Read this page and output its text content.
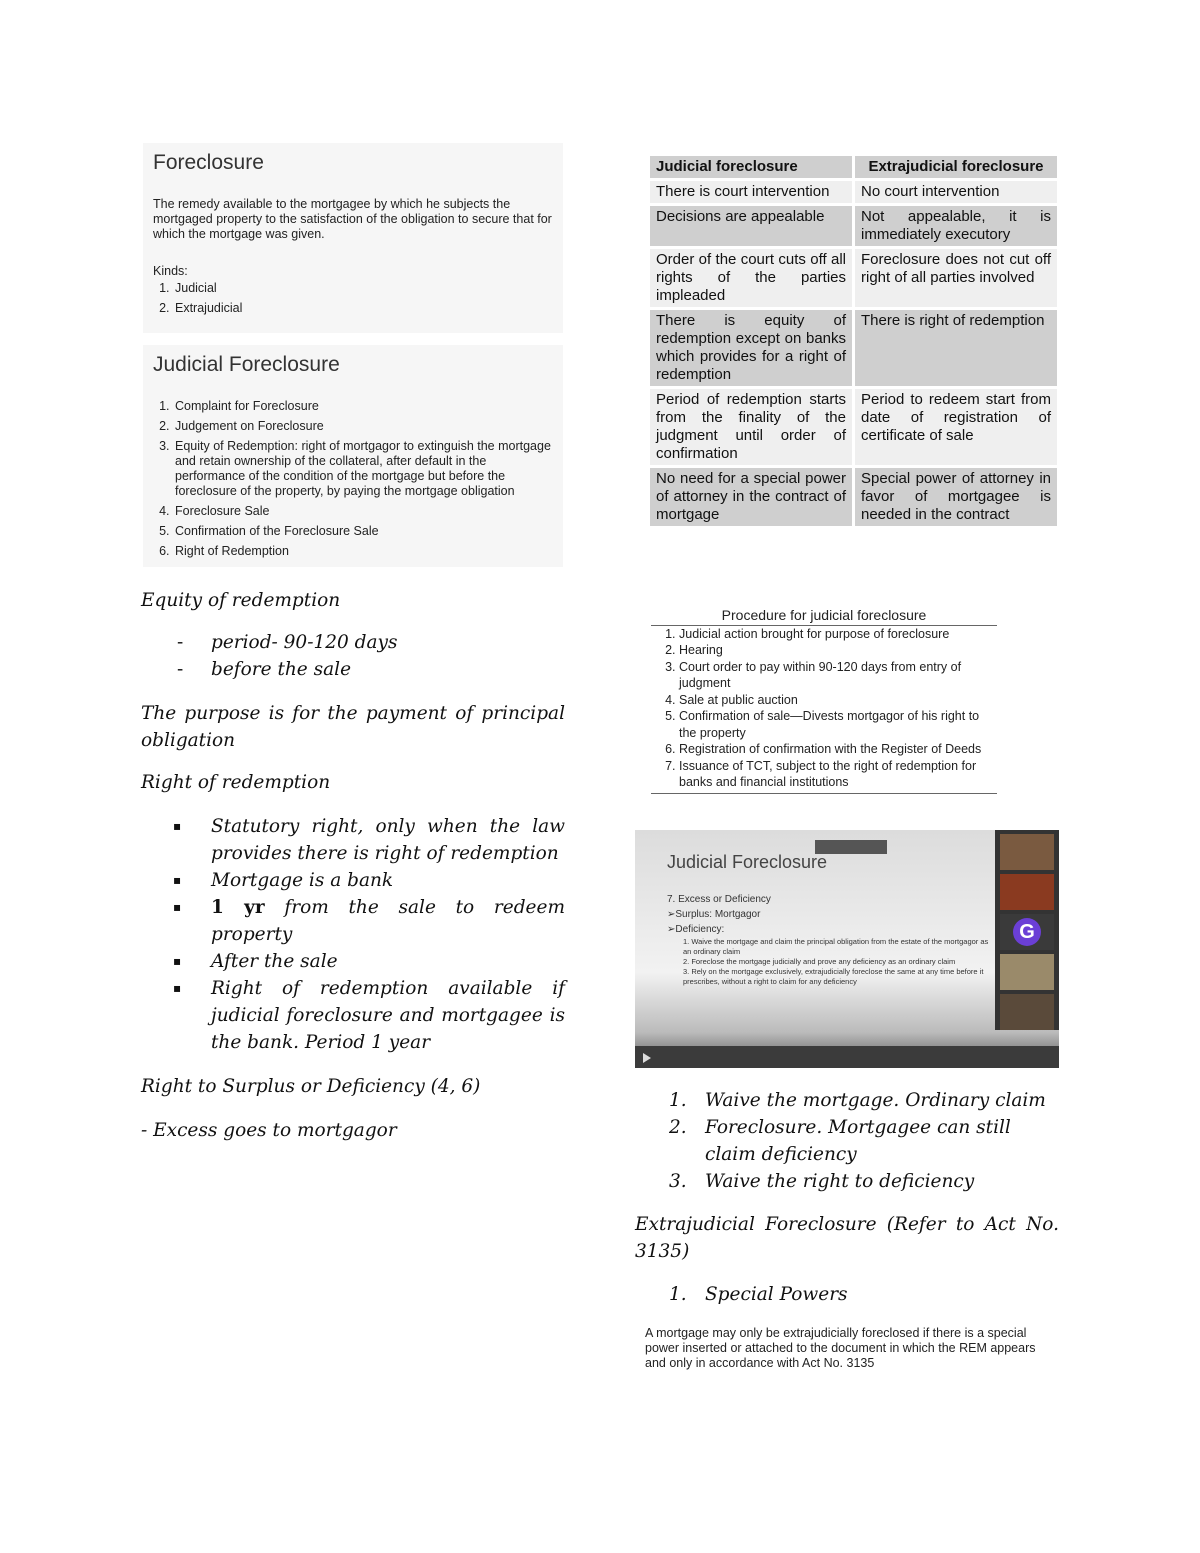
Foreclosure

The remedy available to the mortgagee by which he subjects the mortgaged property to the satisfaction of the obligation to secure that for which the mortgage was given.

Kinds:
1. Judicial
2. Extrajudicial
Judicial Foreclosure
1. Complaint for Foreclosure
2. Judgement on Foreclosure
3. Equity of Redemption: right of mortgagor to extinguish the mortgage and retain ownership of the collateral, after default in the performance of the condition of the mortgage but before the foreclosure of the property, by paying the mortgage obligation
4. Foreclosure Sale
5. Confirmation of the Foreclosure Sale
6. Right of Redemption

Equity of redemption

- period- 90-120 days
- before the sale

The purpose is for the payment of principal obligation

Right of redemption

▪ Statutory right, only when the law provides there is right of redemption
▪ Mortgage is a bank
▪ 1 yr from the sale to redeem property
▪ After the sale
▪ Right of redemption available if judicial foreclosure and mortgagee is the bank. Period 1 year

Right to Surplus or Deficiency (4, 6)

- Excess goes to mortgagor

Judicial foreclosure	Extrajudicial foreclosure
There is court intervention	No court intervention
Decisions are appealable	Not appealable, it is immediately executory
Order of the court cuts off all rights of the parties impleaded	Foreclosure does not cut off right of all parties involved
There is equity of redemption except on banks which provides for a right of redemption	There is right of redemption
Period of redemption starts from the finality of the judgment until order of confirmation	Period to redeem start from date of registration of certificate of sale
No need for a special power of attorney in the contract of mortgage	Special power of attorney in favor of mortgagee is needed in the contract
Procedure for judicial foreclosure
1. Judicial action brought for purpose of foreclosure
2. Hearing
3. Court order to pay within 90-120 days from entry of judgment
4. Sale at public auction
5. Confirmation of sale—Divests mortgagor of his right to the property
6. Registration of confirmation with the Register of Deeds
7. Issuance of TCT, subject to the right of redemption for banks and financial institutions
Judicial Foreclosure
7. Excess or Deficiency
➢Surplus: Mortgagor
➢Deficiency:
1. Waive the mortgage and claim the principal obligation from the estate of the mortgagor as an ordinary claim
2. Foreclose the mortgage judicially and prove any deficiency as an ordinary claim
3. Rely on the mortgage exclusively, extrajudicially foreclose the same at any time before it prescribes, without a right to claim for any deficiency
G
1. Waive the mortgage. Ordinary claim
2. Foreclosure. Mortgagee can still claim deficiency
3. Waive the right to deficiency

Extrajudicial Foreclosure (Refer to Act No. 3135)

1. Special Powers
A mortgage may only be extrajudicially foreclosed if there is a special power inserted or attached to the document in which the REM appears and only in accordance with Act No. 3135
